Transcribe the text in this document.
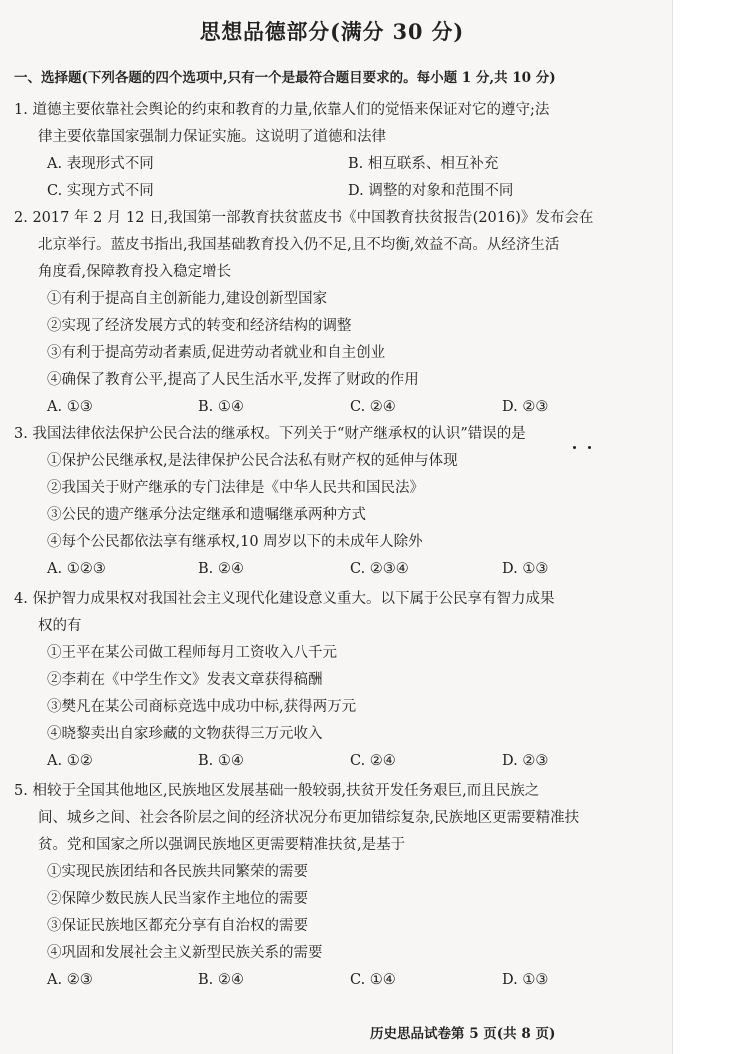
思想品德部分(满分 30 分)
一、选择题(下列各题的四个选项中,只有一个是最符合题目要求的。每小题 1 分,共 10 分)
1. 道德主要依靠社会舆论的约束和教育的力量,依靠人们的觉悟来保证对它的遵守;法
律主要依靠国家强制力保证实施。这说明了道德和法律
A. 表现形式不同	B. 相互联系、相互补充
C. 实现方式不同	D. 调整的对象和范围不同
2. 2017 年 2 月 12 日,我国第一部教育扶贫蓝皮书《中国教育扶贫报告(2016)》发布会在
北京举行。蓝皮书指出,我国基础教育投入仍不足,且不均衡,效益不高。从经济生活
角度看,保障教育投入稳定增长
①有利于提高自主创新能力,建设创新型国家
②实现了经济发展方式的转变和经济结构的调整
③有利于提高劳动者素质,促进劳动者就业和自主创业
④确保了教育公平,提高了人民生活水平,发挥了财政的作用
A. ①③	B. ①④	C. ②④	D. ②③
3. 我国法律依法保护公民合法的继承权。下列关于“财产继承权的认识”错误的是
①保护公民继承权,是法律保护公民合法私有财产权的延伸与体现
②我国关于财产继承的专门法律是《中华人民共和国民法》
③公民的遗产继承分法定继承和遗嘱继承两种方式
④每个公民都依法享有继承权,10 周岁以下的未成年人除外
A. ①②③	B. ②④	C. ②③④	D. ①③
4. 保护智力成果权对我国社会主义现代化建设意义重大。以下属于公民享有智力成果
权的有
①王平在某公司做工程师每月工资收入八千元
②李莉在《中学生作文》发表文章获得稿酬
③樊凡在某公司商标竞选中成功中标,获得两万元
④晓黎卖出自家珍藏的文物获得三万元收入
A. ①②	B. ①④	C. ②④	D. ②③
5. 相较于全国其他地区,民族地区发展基础一般较弱,扶贫开发任务艰巨,而且民族之
间、城乡之间、社会各阶层之间的经济状况分布更加错综复杂,民族地区更需要精准扶
贫。党和国家之所以强调民族地区更需要精准扶贫,是基于
①实现民族团结和各民族共同繁荣的需要
②保障少数民族人民当家作主地位的需要
③保证民族地区都充分享有自治权的需要
④巩固和发展社会主义新型民族关系的需要
A. ②③	B. ②④	C. ①④	D. ①③
历史思品试卷第 5 页(共 8 页)
